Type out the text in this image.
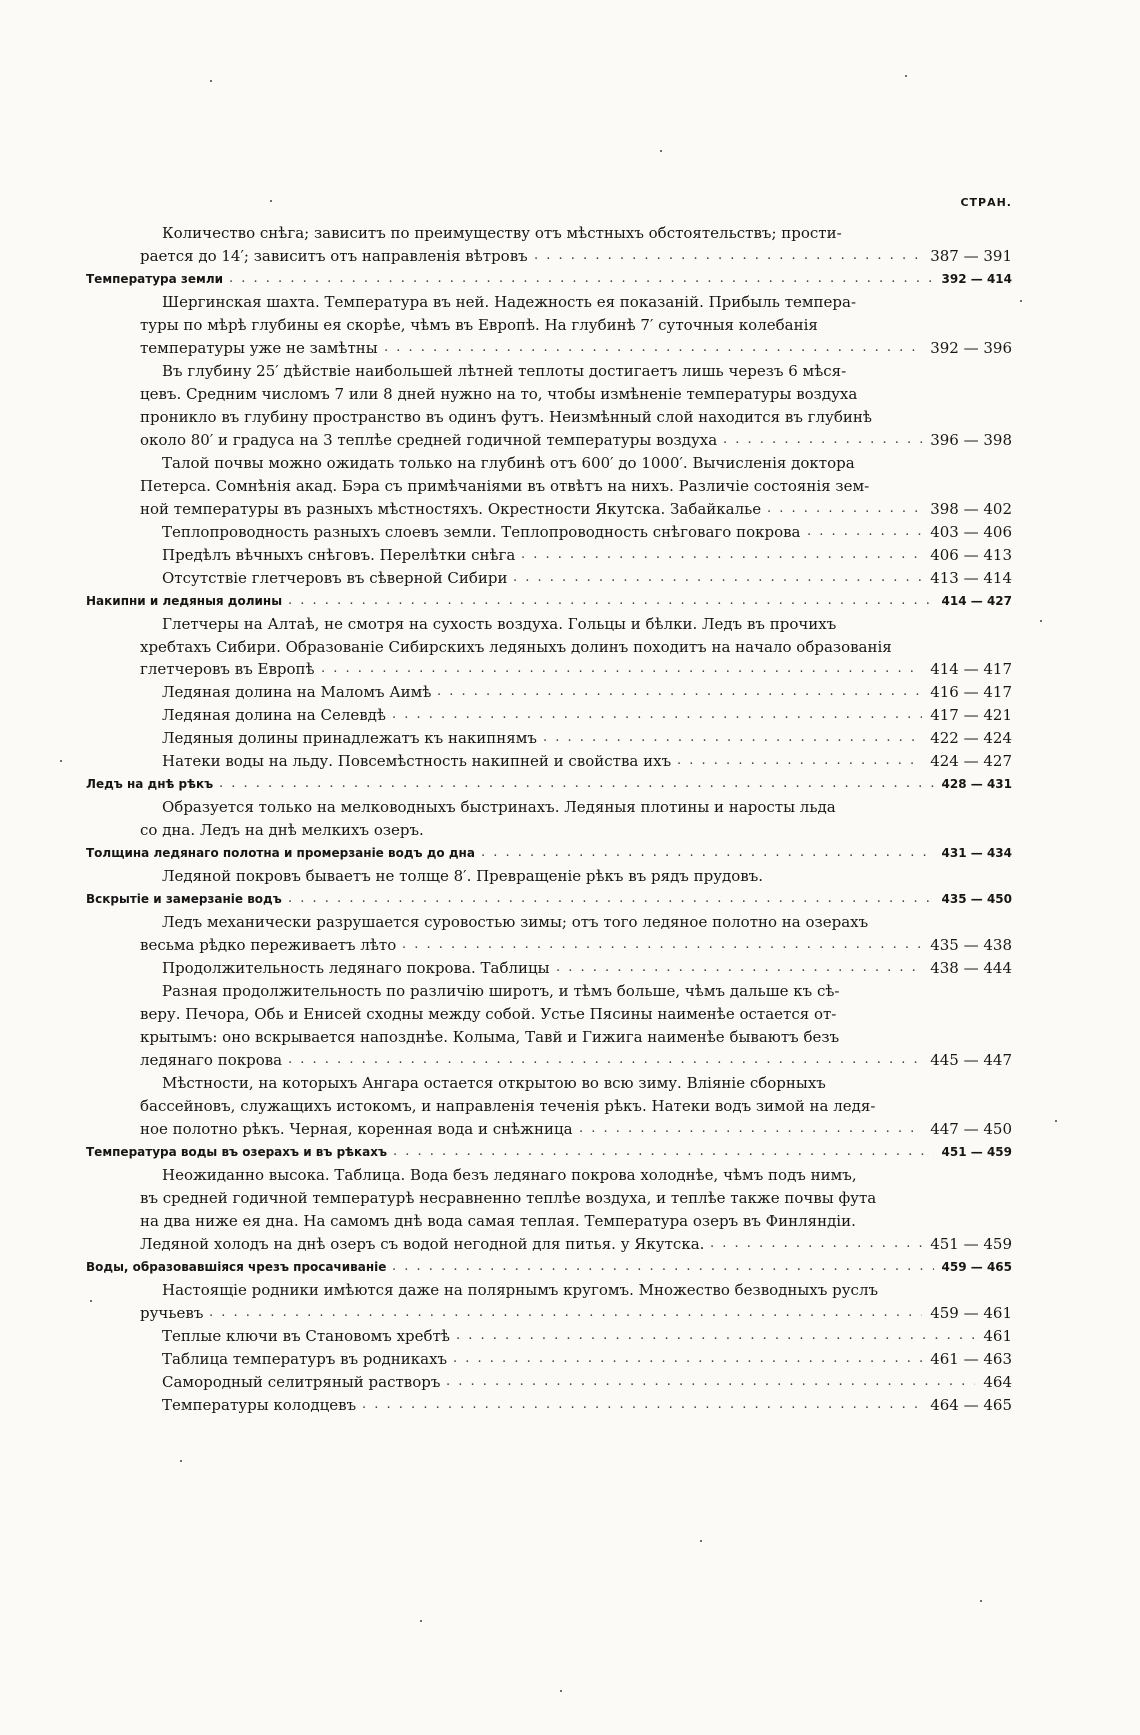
СТРАН.
Количество снѣга; зависитъ по преимуществу отъ мѣстныхъ обстоятельствъ; прости-
рается до 14′; зависитъ отъ направленія вѣтровъ	387 — 391
. . .
Температура земли	392 — 414
. . .
Шергинская шахта. Температура въ ней. Надежность ея показаній. Прибыль темпера-
туры по мѣрѣ глубины ея скорѣе, чѣмъ въ Европѣ. На глубинѣ 7′ суточныя колебанія
температуры уже не замѣтны	392 — 396
. . .
Въ глубину 25′ дѣйствіе наибольшей лѣтней теплоты достигаетъ лишь черезъ 6 мѣся-
цевъ. Средним числомъ 7 или 8 дней нужно на то, чтобы измѣненіе температуры воздуха
проникло въ глубину пространство въ одинъ футъ. Неизмѣнный слой находится въ глубинѣ
около 80′ и градуса на 3 теплѣе средней годичной температуры воздуха	396 — 398
. . .
Талой почвы можно ожидать только на глубинѣ отъ 600′ до 1000′. Вычисленія доктора
Петерса. Сомнѣнія акад. Бэра съ примѣчаніями въ отвѣтъ на нихъ. Различіе состоянія зем-
ной температуры въ разныхъ мѣстностяхъ. Окрестности Якутска. Забайкалье	398 — 402
. . .
Теплопроводность разныхъ слоевъ земли. Теплопроводность снѣговаго покрова	403 — 406
. . .
Предѣлъ вѣчныхъ снѣговъ. Перелѣтки снѣга	406 — 413
. . .
Отсутствіе глетчеровъ въ сѣверной Сибири	413 — 414
. . .
Накипни и ледяныя долины	414 — 427
. . .
Глетчеры на Алтаѣ, не смотря на сухость воздуха. Гольцы и бѣлки. Ледъ въ прочихъ
хребтахъ Сибири. Образованіе Сибирскихъ ледяныхъ долинъ походитъ на начало образованія
глетчеровъ въ Европѣ	414 — 417
. . .
Ледяная долина на Маломъ Аимѣ	416 — 417
. . .
Ледяная долина на Селевдѣ	417 — 421
. . .
Ледяныя долины принадлежатъ къ накипнямъ	422 — 424
. . .
Натеки воды на льду. Повсемѣстность накипней и свойства ихъ	424 — 427
. . .
Ледъ на днѣ рѣкъ	428 — 431
. . .
Образуется только на мелководныхъ быстринахъ. Ледяныя плотины и наросты льда
со дна. Ледъ на днѣ мелкихъ озеръ.
Толщина ледянаго полотна и промерзаніе водъ до дна	431 — 434
. . .
Ледяной покровъ бываетъ не толще 8′. Превращеніе рѣкъ въ рядъ прудовъ.
Вскрытіе и замерзаніе водъ	435 — 450
. . .
Ледъ механически разрушается суровостью зимы; отъ того ледяное полотно на озерахъ
весьма рѣдко переживаетъ лѣто	435 — 438
. . .
Продолжительность ледянаго покрова. Таблицы	438 — 444
. . .
Разная продолжительность по различію широтъ, и тѣмъ больше, чѣмъ дальше къ сѣ-
веру. Печора, Обь и Енисей сходны между собой. Устье Пясины наименѣе остается от-
крытымъ: оно вскрывается напозднѣе. Колыма, Тавй и Гижига наименѣе бываютъ безъ
ледянаго покрова	445 — 447
. . .
Мѣстности, на которыхъ Ангара остается открытою во всю зиму. Вліяніе сборныхъ
бассейновъ, служащихъ истокомъ, и направленія теченія рѣкъ. Натеки водъ зимой на ледя-
ное полотно рѣкъ. Черная, коренная вода и снѣжница	447 — 450
. . .
Температура воды въ озерахъ и въ рѣкахъ	451 — 459
. . .
Неожиданно высока. Таблица. Вода безъ ледянаго покрова холоднѣе, чѣмъ подъ нимъ,
въ средней годичной температурѣ несравненно теплѣе воздуха, и теплѣе также почвы фута
на два ниже ея дна. На самомъ днѣ вода самая теплая. Температура озеръ въ Финляндіи.
Ледяной холодъ на днѣ озеръ съ водой негодной для питья. у Якутска.	451 — 459
. . .
Воды, образовавшіяся чрезъ просачиваніе	459 — 465
. . .
Настоящіе родники имѣются даже на полярнымъ кругомъ. Множество безводныхъ руслъ
ручьевъ	459 — 461
. . .
Теплые ключи въ Становомъ хребтѣ	461
. . .
Таблица температуръ въ родникахъ	461 — 463
. . .
Самородный селитряный растворъ	464
. . .
Температуры колодцевъ	464 — 465
. . .
